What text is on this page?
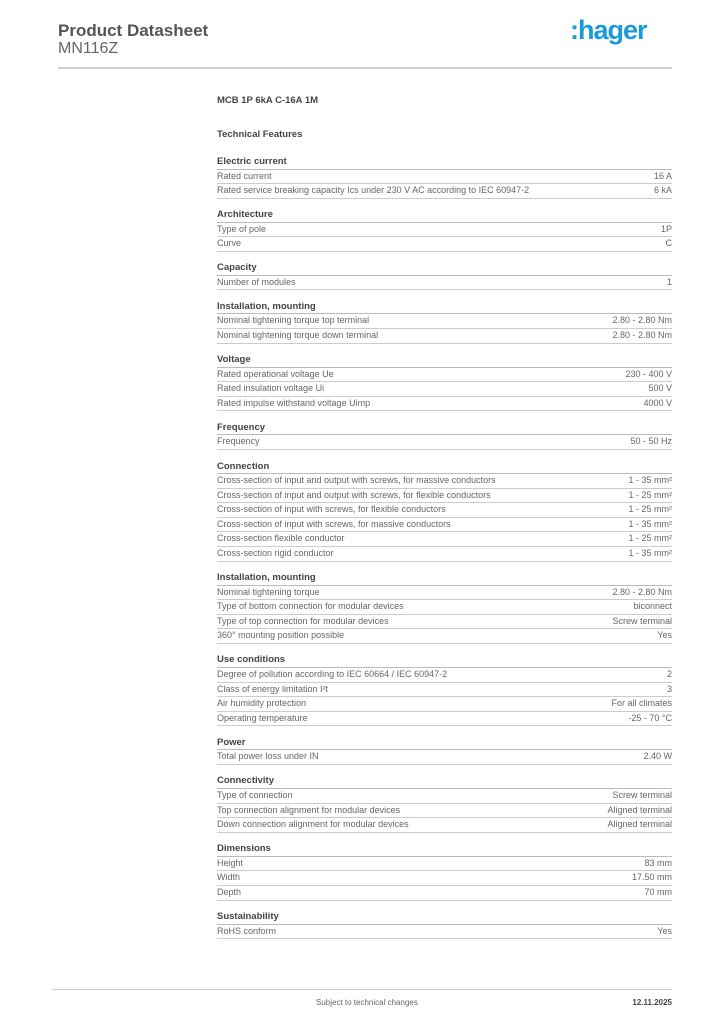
Product Datasheet
MN116Z
:hager
MCB 1P 6kA C-16A 1M
Technical Features
Electric current
Rated current	16 A
Rated service breaking capacity Ics under 230 V AC according to IEC 60947-2	6 kA
Architecture
Type of pole	1P
Curve	C
Capacity
Number of modules	1
Installation, mounting
Nominal tightening torque top terminal	2.80 - 2.80 Nm
Nominal tightening torque down terminal	2.80 - 2.80 Nm
Voltage
Rated operational voltage Ue	230 - 400 V
Rated insulation voltage Ui	500 V
Rated impulse withstand voltage Uimp	4000 V
Frequency
Frequency	50 - 50 Hz
Connection
Cross-section of input and output with screws, for massive conductors	1 - 35 mm²
Cross-section of input and output with screws, for flexible conductors	1 - 25 mm²
Cross-section of input with screws, for flexible conductors	1 - 25 mm²
Cross-section of input with screws, for massive conductors	1 - 35 mm²
Cross-section flexible conductor	1 - 25 mm²
Cross-section rigid conductor	1 - 35 mm²
Installation, mounting
Nominal tightening torque	2.80 - 2.80 Nm
Type of bottom connection for modular devices	biconnect
Type of top connection for modular devices	Screw terminal
360° mounting position possible	Yes
Use conditions
Degree of pollution according to IEC 60664 / IEC 60947-2	2
Class of energy limitation I²t	3
Air humidity protection	For all climates
Operating temperature	-25 - 70 °C
Power
Total power loss under IN	2.40 W
Connectivity
Type of connection	Screw terminal
Top connection alignment for modular devices	Aligned terminal
Down connection alignment for modular devices	Aligned terminal
Dimensions
Height	83 mm
Width	17.50 mm
Depth	70 mm
Sustainability
RoHS conform	Yes
Subject to technical changes	12.11.2025
